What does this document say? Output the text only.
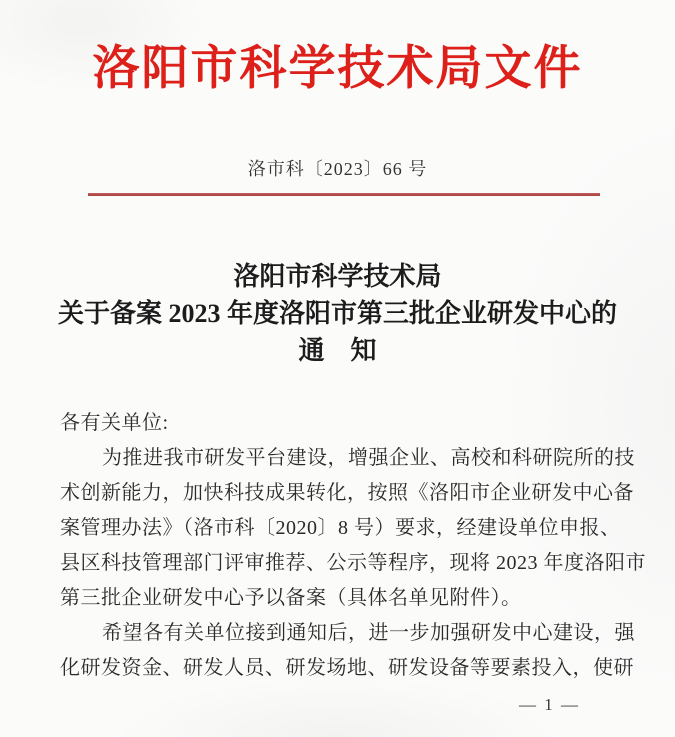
洛阳市科学技术局文件
洛市科〔2023〕66 号
洛阳市科学技术局
关于备案 2023 年度洛阳市第三批企业研发中心的
通　知
各有关单位:
为推进我市研发平台建设，增强企业、高校和科研院所的技
术创新能力，加快科技成果转化，按照《洛阳市企业研发中心备
案管理办法》（洛市科〔2020〕8 号）要求，经建设单位申报、
县区科技管理部门评审推荐、公示等程序，现将 2023 年度洛阳市
第三批企业研发中心予以备案（具体名单见附件）。
希望各有关单位接到通知后，进一步加强研发中心建设，强
化研发资金、研发人员、研发场地、研发设备等要素投入，使研
— 1 —
